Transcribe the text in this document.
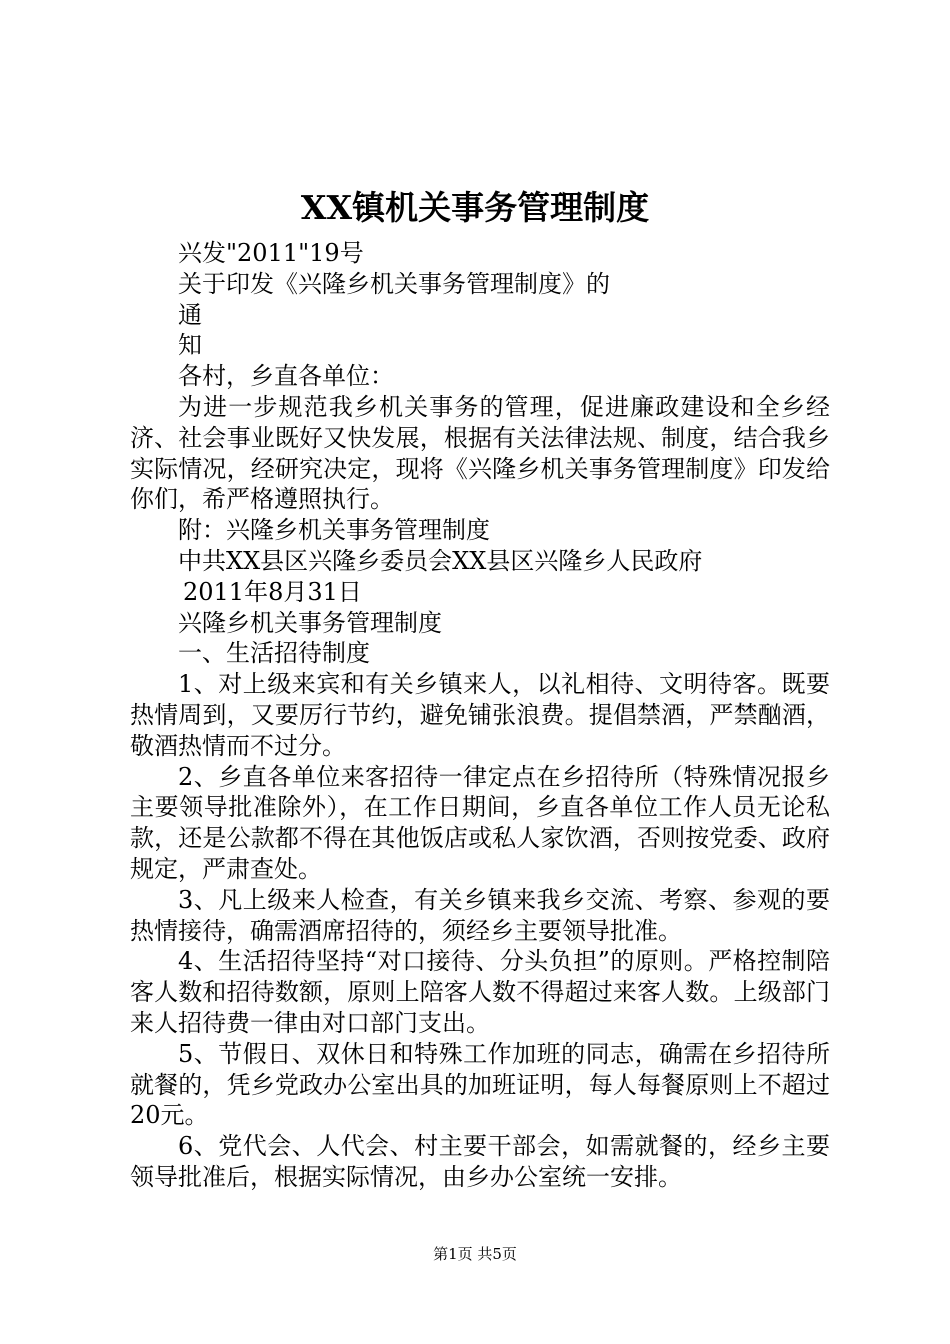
XX镇机关事务管理制度
兴发"2011"19号
关于印发《兴隆乡机关事务管理制度》的
通
知
各村，乡直各单位：
为进一步规范我乡机关事务的管理，促进廉政建设和全乡经济、社会事业既好又快发展，根据有关法律法规、制度，结合我乡实际情况，经研究决定，现将《兴隆乡机关事务管理制度》印发给你们，希严格遵照执行。
附：兴隆乡机关事务管理制度
中共XX县区兴隆乡委员会XX县区兴隆乡人民政府
2011年8月31日
兴隆乡机关事务管理制度
一、生活招待制度
1、对上级来宾和有关乡镇来人，以礼相待、文明待客。既要热情周到，又要厉行节约，避免铺张浪费。提倡禁酒，严禁酗酒，敬酒热情而不过分。
2、乡直各单位来客招待一律定点在乡招待所（特殊情况报乡主要领导批准除外），在工作日期间，乡直各单位工作人员无论私款，还是公款都不得在其他饭店或私人家饮酒，否则按党委、政府规定，严肃查处。
3、凡上级来人检查，有关乡镇来我乡交流、考察、参观的要热情接待，确需酒席招待的，须经乡主要领导批准。
4、生活招待坚持“对口接待、分头负担”的原则。严格控制陪客人数和招待数额，原则上陪客人数不得超过来客人数。上级部门来人招待费一律由对口部门支出。
5、节假日、双休日和特殊工作加班的同志，确需在乡招待所就餐的，凭乡党政办公室出具的加班证明，每人每餐原则上不超过20元。
6、党代会、人代会、村主要干部会，如需就餐的，经乡主要领导批准后，根据实际情况，由乡办公室统一安排。
第1页 共5页
